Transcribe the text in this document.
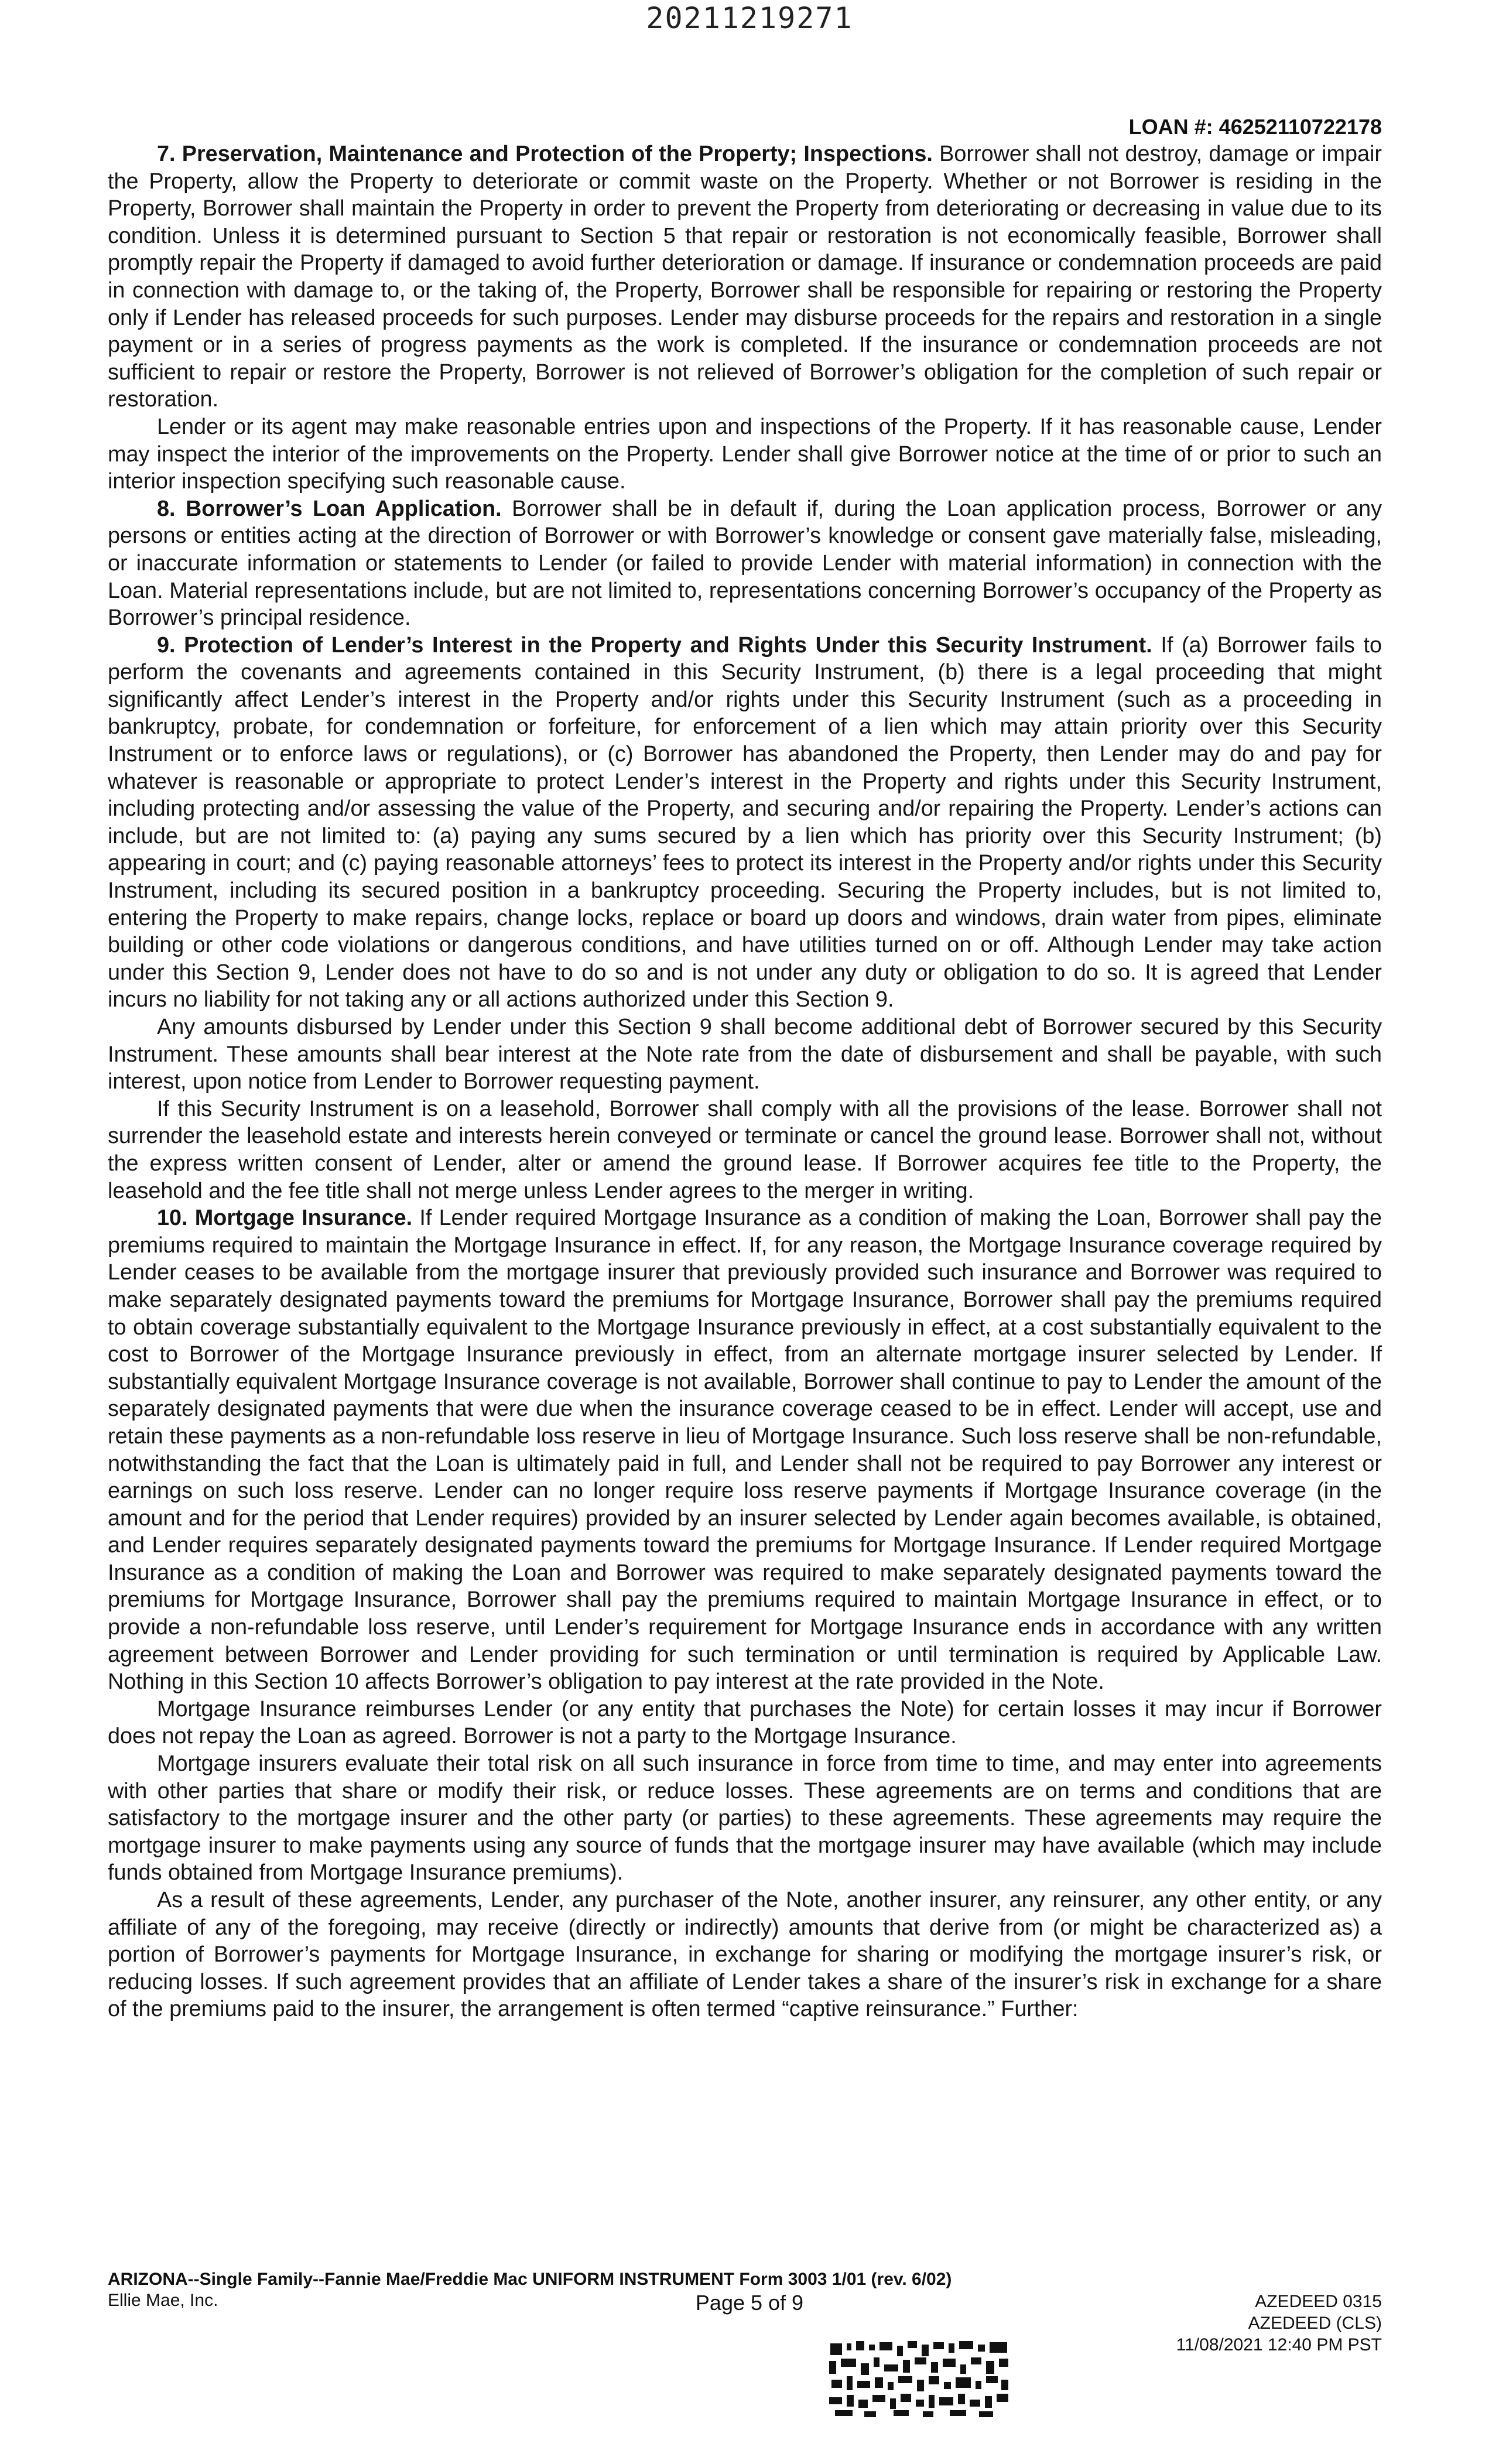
20211219271
LOAN #: 46252110722178

7. Preservation, Maintenance and Protection of the Property; Inspections. Borrower shall not destroy, damage or impair the Property, allow the Property to deteriorate or commit waste on the Property. Whether or not Borrower is residing in the Property, Borrower shall maintain the Property in order to prevent the Property from deteriorating or decreasing in value due to its condition. Unless it is determined pursuant to Section 5 that repair or restoration is not economically feasible, Borrower shall promptly repair the Property if damaged to avoid further deterioration or damage. If insurance or condemnation proceeds are paid in connection with damage to, or the taking of, the Property, Borrower shall be responsible for repairing or restoring the Property only if Lender has released proceeds for such purposes. Lender may disburse proceeds for the repairs and restoration in a single payment or in a series of progress payments as the work is completed. If the insurance or condemnation proceeds are not sufficient to repair or restore the Property, Borrower is not relieved of Borrower’s obligation for the completion of such repair or restoration.

Lender or its agent may make reasonable entries upon and inspections of the Property. If it has reasonable cause, Lender may inspect the interior of the improvements on the Property. Lender shall give Borrower notice at the time of or prior to such an interior inspection specifying such reasonable cause.

8. Borrower’s Loan Application. Borrower shall be in default if, during the Loan application process, Borrower or any persons or entities acting at the direction of Borrower or with Borrower’s knowledge or consent gave materially false, misleading, or inaccurate information or statements to Lender (or failed to provide Lender with material information) in connection with the Loan. Material representations include, but are not limited to, representations concerning Borrower’s occupancy of the Property as Borrower’s principal residence.

9. Protection of Lender’s Interest in the Property and Rights Under this Security Instrument. If (a) Borrower fails to perform the covenants and agreements contained in this Security Instrument, (b) there is a legal proceeding that might significantly affect Lender’s interest in the Property and/or rights under this Security Instrument (such as a proceeding in bankruptcy, probate, for condemnation or forfeiture, for enforcement of a lien which may attain priority over this Security Instrument or to enforce laws or regulations), or (c) Borrower has abandoned the Property, then Lender may do and pay for whatever is reasonable or appropriate to protect Lender’s interest in the Property and rights under this Security Instrument, including protecting and/or assessing the value of the Property, and securing and/or repairing the Property. Lender’s actions can include, but are not limited to: (a) paying any sums secured by a lien which has priority over this Security Instrument; (b) appearing in court; and (c) paying reasonable attorneys’ fees to protect its interest in the Property and/or rights under this Security Instrument, including its secured position in a bankruptcy proceeding. Securing the Property includes, but is not limited to, entering the Property to make repairs, change locks, replace or board up doors and windows, drain water from pipes, eliminate building or other code violations or dangerous conditions, and have utilities turned on or off. Although Lender may take action under this Section 9, Lender does not have to do so and is not under any duty or obligation to do so. It is agreed that Lender incurs no liability for not taking any or all actions authorized under this Section 9.

Any amounts disbursed by Lender under this Section 9 shall become additional debt of Borrower secured by this Security Instrument. These amounts shall bear interest at the Note rate from the date of disbursement and shall be payable, with such interest, upon notice from Lender to Borrower requesting payment.

If this Security Instrument is on a leasehold, Borrower shall comply with all the provisions of the lease. Borrower shall not surrender the leasehold estate and interests herein conveyed or terminate or cancel the ground lease. Borrower shall not, without the express written consent of Lender, alter or amend the ground lease. If Borrower acquires fee title to the Property, the leasehold and the fee title shall not merge unless Lender agrees to the merger in writing.

10. Mortgage Insurance. If Lender required Mortgage Insurance as a condition of making the Loan, Borrower shall pay the premiums required to maintain the Mortgage Insurance in effect. If, for any reason, the Mortgage Insurance coverage required by Lender ceases to be available from the mortgage insurer that previously provided such insurance and Borrower was required to make separately designated payments toward the premiums for Mortgage Insurance, Borrower shall pay the premiums required to obtain coverage substantially equivalent to the Mortgage Insurance previously in effect, at a cost substantially equivalent to the cost to Borrower of the Mortgage Insurance previously in effect, from an alternate mortgage insurer selected by Lender. If substantially equivalent Mortgage Insurance coverage is not available, Borrower shall continue to pay to Lender the amount of the separately designated payments that were due when the insurance coverage ceased to be in effect. Lender will accept, use and retain these payments as a non-refundable loss reserve in lieu of Mortgage Insurance. Such loss reserve shall be non-refundable, notwithstanding the fact that the Loan is ultimately paid in full, and Lender shall not be required to pay Borrower any interest or earnings on such loss reserve. Lender can no longer require loss reserve payments if Mortgage Insurance coverage (in the amount and for the period that Lender requires) provided by an insurer selected by Lender again becomes available, is obtained, and Lender requires separately designated payments toward the premiums for Mortgage Insurance. If Lender required Mortgage Insurance as a condition of making the Loan and Borrower was required to make separately designated payments toward the premiums for Mortgage Insurance, Borrower shall pay the premiums required to maintain Mortgage Insurance in effect, or to provide a non-refundable loss reserve, until Lender’s requirement for Mortgage Insurance ends in accordance with any written agreement between Borrower and Lender providing for such termination or until termination is required by Applicable Law. Nothing in this Section 10 affects Borrower’s obligation to pay interest at the rate provided in the Note.

Mortgage Insurance reimburses Lender (or any entity that purchases the Note) for certain losses it may incur if Borrower does not repay the Loan as agreed. Borrower is not a party to the Mortgage Insurance.

Mortgage insurers evaluate their total risk on all such insurance in force from time to time, and may enter into agreements with other parties that share or modify their risk, or reduce losses. These agreements are on terms and conditions that are satisfactory to the mortgage insurer and the other party (or parties) to these agreements. These agreements may require the mortgage insurer to make payments using any source of funds that the mortgage insurer may have available (which may include funds obtained from Mortgage Insurance premiums).

As a result of these agreements, Lender, any purchaser of the Note, another insurer, any reinsurer, any other entity, or any affiliate of any of the foregoing, may receive (directly or indirectly) amounts that derive from (or might be characterized as) a portion of Borrower’s payments for Mortgage Insurance, in exchange for sharing or modifying the mortgage insurer’s risk, or reducing losses. If such agreement provides that an affiliate of Lender takes a share of the insurer’s risk in exchange for a share of the premiums paid to the insurer, the arrangement is often termed “captive reinsurance.” Further:

ARIZONA--Single Family--Fannie Mae/Freddie Mac UNIFORM INSTRUMENT Form 3003 1/01 (rev. 6/02)
Ellie Mae, Inc.	Page 5 of 9	AZEDEED 0315
AZEDEED (CLS)
11/08/2021 12:40 PM PST
